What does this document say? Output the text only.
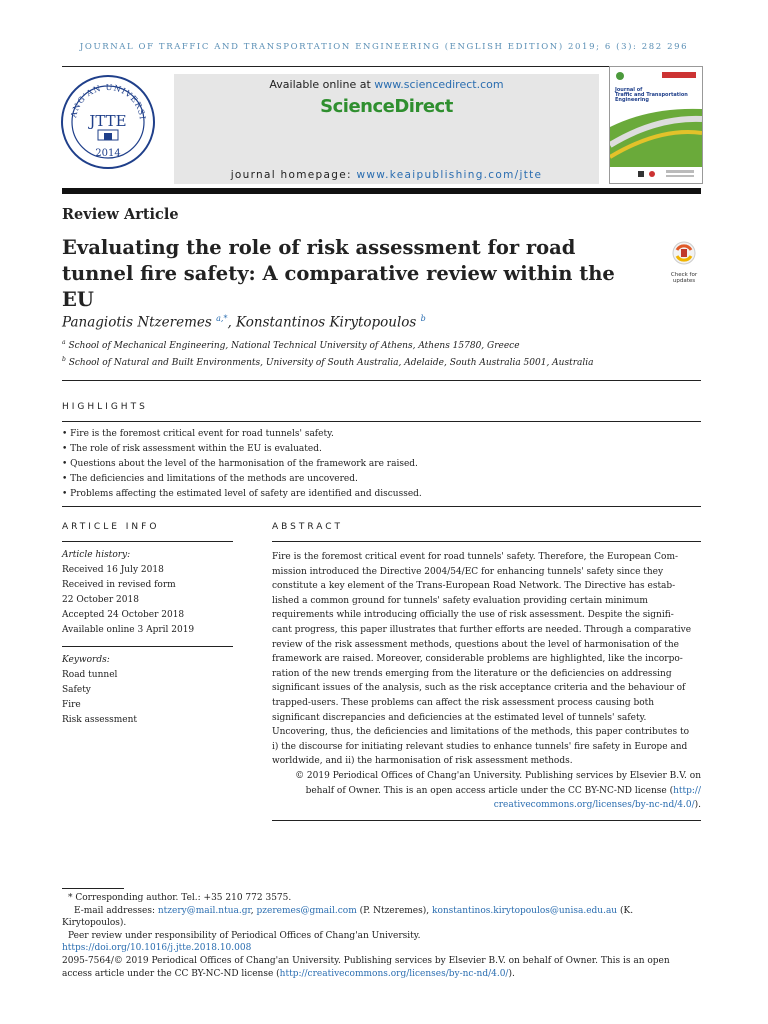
JOURNAL OF TRAFFIC AND TRANSPORTATION ENGINEERING (ENGLISH EDITION) 2019; 6 (3): 282 296
ANG'AN UNIVERSI
JTTE
2014
Available online at www.sciencedirect.com
ScienceDirect
journal homepage: www.keaipublishing.com/jtte
Journal of Traffic and Transportation Engineering
Review Article
Evaluating the role of risk assessment for road tunnel fire safety: A comparative review within the EU
Check for
updates
Panagiotis Ntzeremes $^{a,*}$, Konstantinos Kirytopoulos $^b$
$^a$ School of Mechanical Engineering, National Technical University of Athens, Athens 15780, Greece
$^b$ School of Natural and Built Environments, University of South Australia, Adelaide, South Australia 5001, Australia
HIGHLIGHTS
• Fire is the foremost critical event for road tunnels' safety.
• The role of risk assessment within the EU is evaluated.
• Questions about the level of the harmonisation of the framework are raised.
• The deficiencies and limitations of the methods are uncovered.
• Problems affecting the estimated level of safety are identified and discussed.
ARTICLE INFO
Article history:
Received 16 July 2018
Received in revised form
22 October 2018
Accepted 24 October 2018
Available online 3 April 2019
Keywords:
Road tunnel
Safety
Fire
Risk assessment
ABSTRACT
Fire is the foremost critical event for road tunnels' safety. Therefore, the European Com-
mission introduced the Directive 2004/54/EC for enhancing tunnels' safety since they
constitute a key element of the Trans-European Road Network. The Directive has estab-
lished a common ground for tunnels' safety evaluation providing certain minimum
requirements while introducing officially the use of risk assessment. Despite the signifi-
cant progress, this paper illustrates that further efforts are needed. Through a comparative
review of the risk assessment methods, questions about the level of harmonisation of the
framework are raised. Moreover, considerable problems are highlighted, like the incorpo-
ration of the new trends emerging from the literature or the deficiencies on addressing
significant issues of the analysis, such as the risk acceptance criteria and the behaviour of
trapped-users. These problems can affect the risk assessment process causing both
significant discrepancies and deficiencies at the estimated level of tunnels' safety.
Uncovering, thus, the deficiencies and limitations of the methods, this paper contributes to
i) the discourse for initiating relevant studies to enhance tunnels' fire safety in Europe and
worldwide, and ii) the harmonisation of risk assessment methods.
© 2019 Periodical Offices of Chang'an University. Publishing services by Elsevier B.V. on
behalf of Owner. This is an open access article under the CC BY-NC-ND license (http://
creativecommons.org/licenses/by-nc-nd/4.0/).
* Corresponding author. Tel.: +35 210 772 3575.
E-mail addresses: ntzery@mail.ntua.gr, pzeremes@gmail.com (P. Ntzeremes), konstantinos.kirytopoulos@unisa.edu.au (K.
Kirytopoulos).
Peer review under responsibility of Periodical Offices of Chang'an University.
https://doi.org/10.1016/j.jtte.2018.10.008
2095-7564/© 2019 Periodical Offices of Chang'an University. Publishing services by Elsevier B.V. on behalf of Owner. This is an open
access article under the CC BY-NC-ND license (http://creativecommons.org/licenses/by-nc-nd/4.0/).
